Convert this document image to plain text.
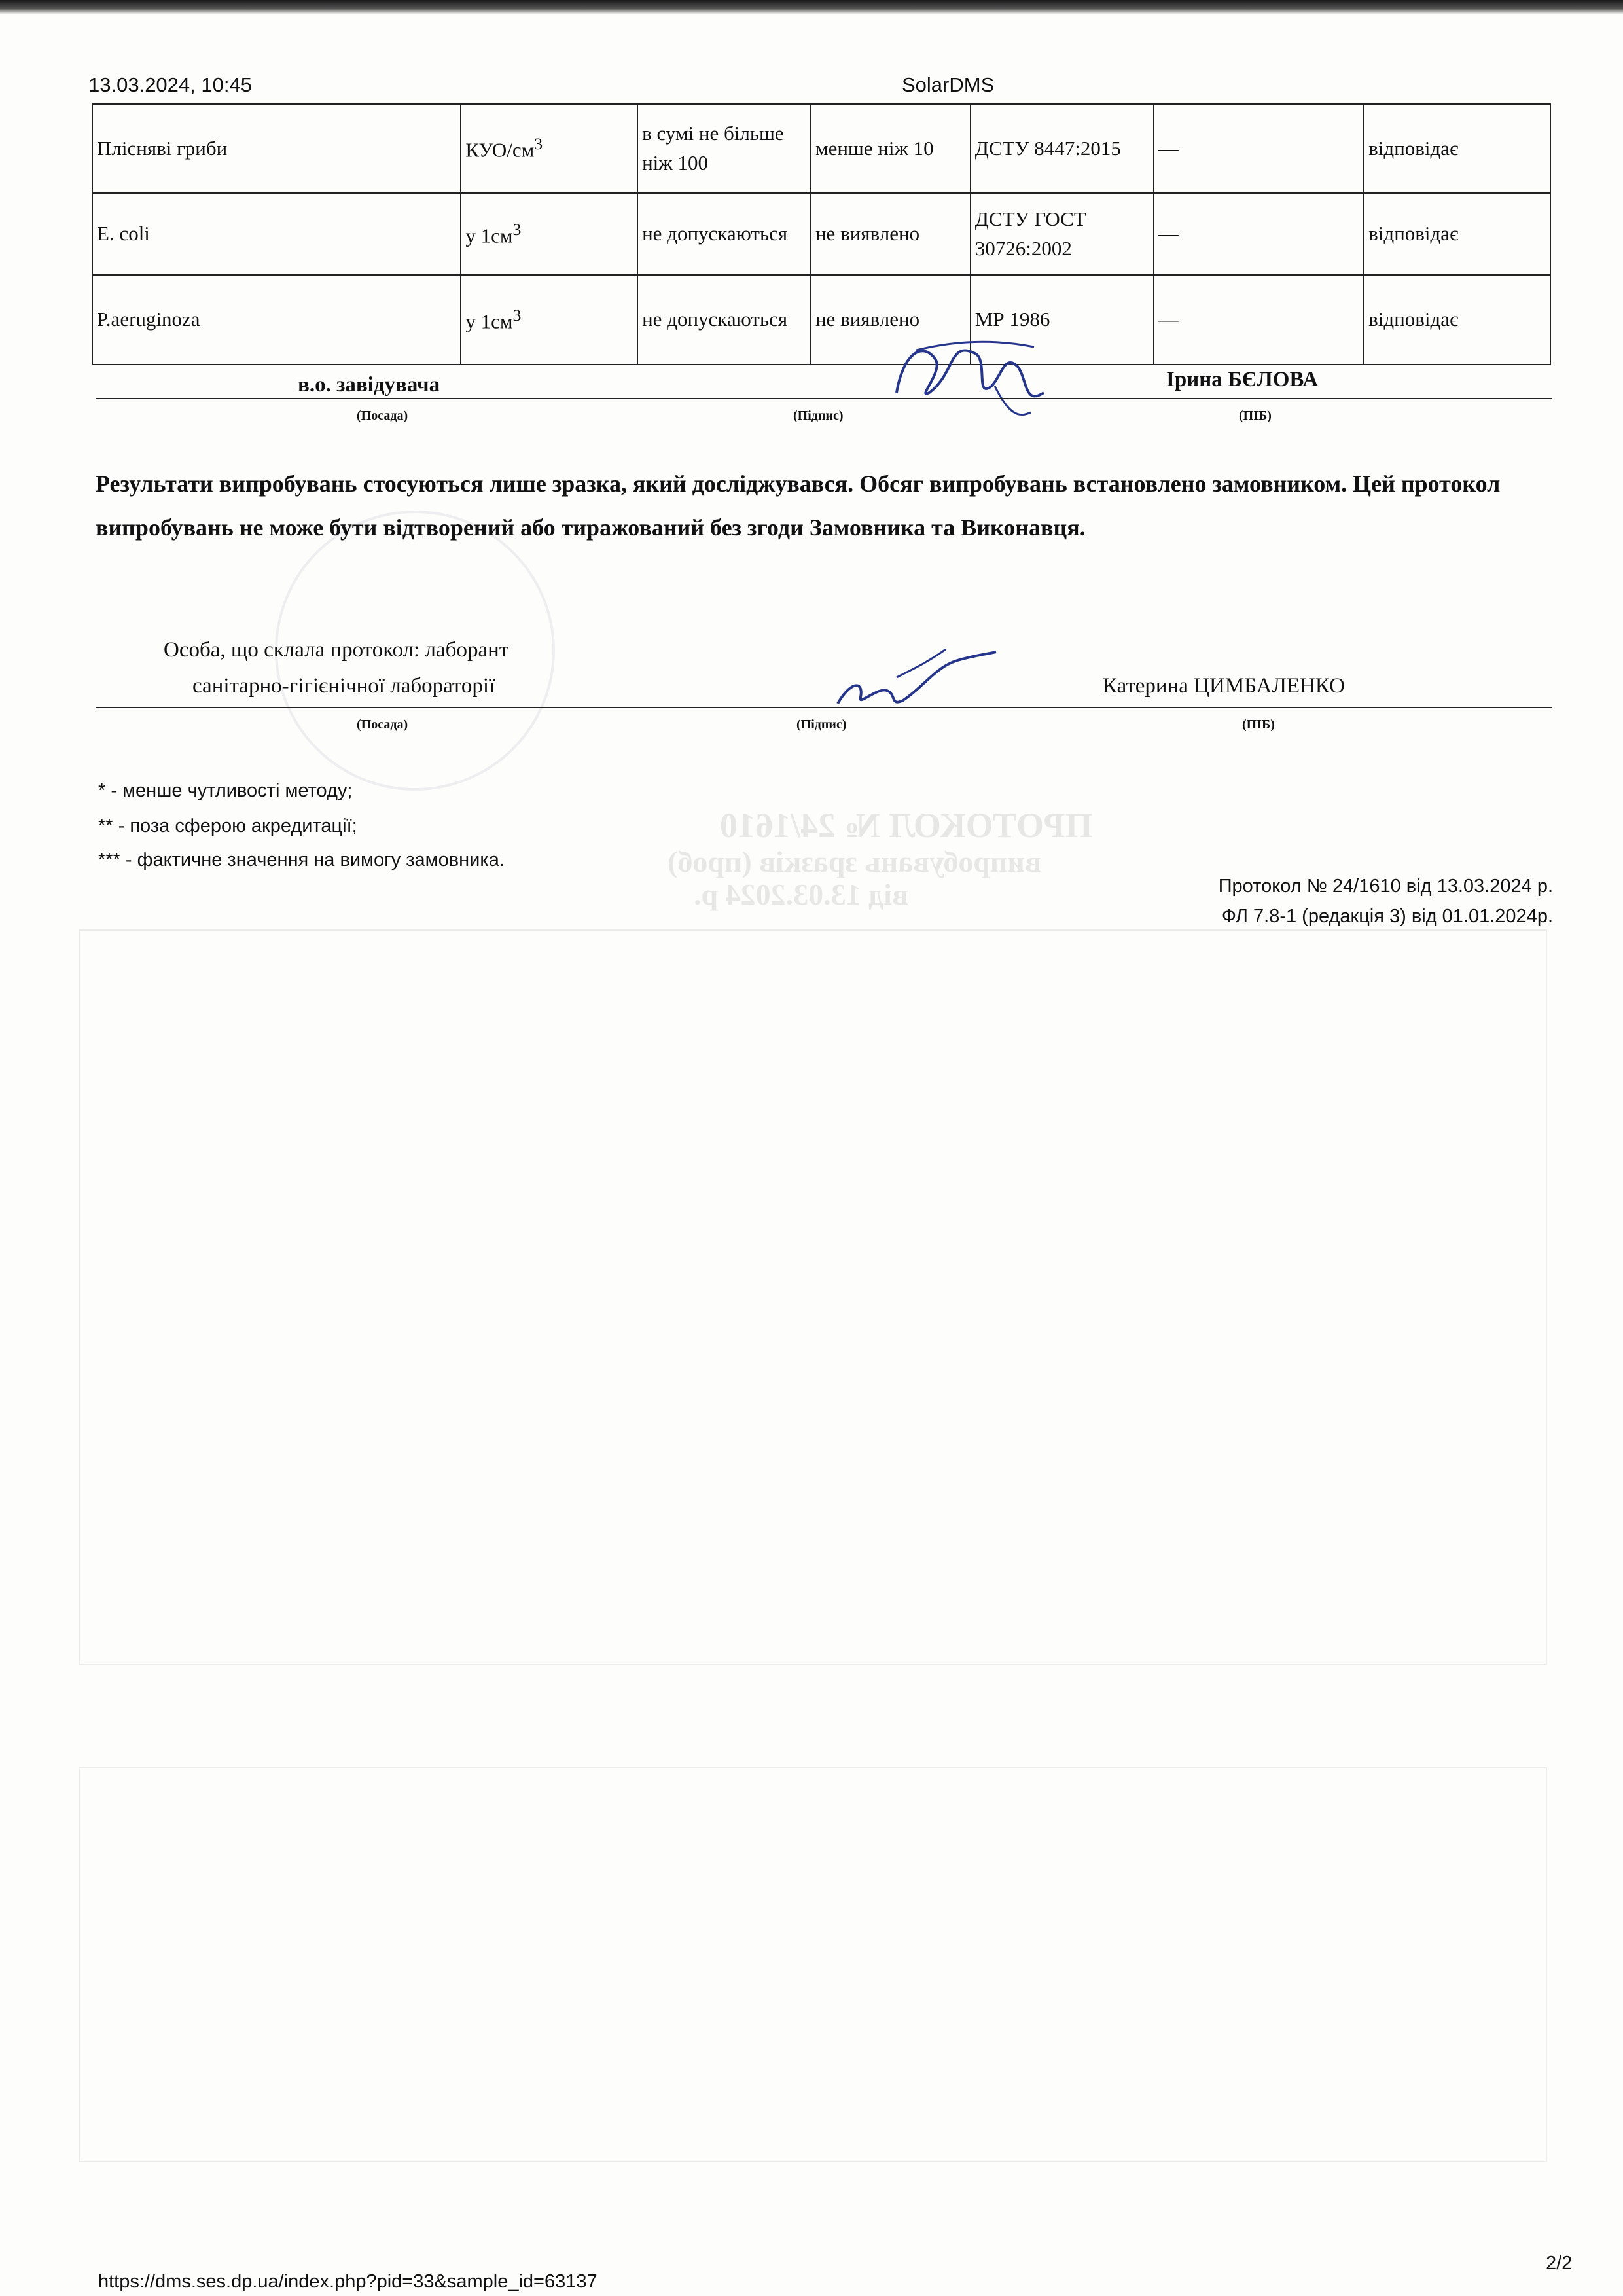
ПРОТОКОЛ № 24/1610
випробувань зразків (проб)
від 13.03.2024 р.
13.03.2024, 10:45	SolarDMS
Плісняві гриби	КУО/$см^3$	в сумі не більше ніж 100	менше ніж 10	ДСТУ 8447:2015	—	відповідає
E. coli	у $1см^3$	не допускаються	не виявлено	ДСТУ ГОСТ 30726:2002	—	відповідає
P.aeruginoza	у $1см^3$	не допускаються	не виявлено	МР 1986	—	відповідає
в.о. завідувача	Ірина БЄЛОВА
(Посада)	(Підпис)	(ПІБ)
Результати випробувань стосуються лише зразка, який досліджувався. Обсяг випробувань встановлено замовником. Цей протокол випробувань не може бути відтворений або тиражований без згоди Замовника та Виконавця.
Особа, що склала протокол: лаборант
санітарно-гігієнічної лабораторії	Катерина ЦИМБАЛЕНКО
(Посада)	(Підпис)	(ПІБ)
* - менше чутливості методу;
** - поза сферою акредитації;
*** - фактичне значення на вимогу замовника.
Протокол № 24/1610 від 13.03.2024 р.
ФЛ 7.8-1 (редакція 3) від 01.01.2024р.
https://dms.ses.dp.ua/index.php?pid=33&sample_id=63137
2/2
